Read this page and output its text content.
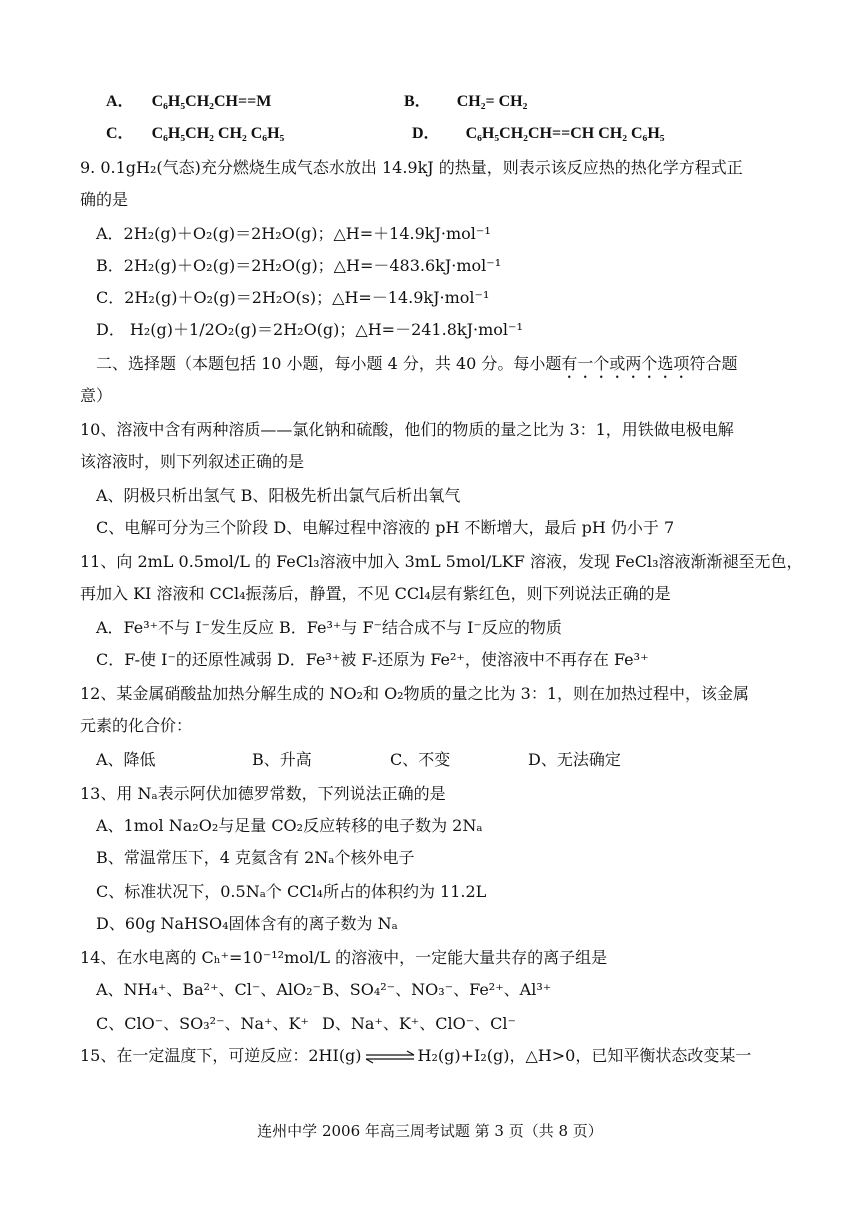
A． C₆H₅CH₂CH==M	B． CH₂= CH₂
C． C₆H₅CH₂ CH₂ C₆H₅	D． C₆H₅CH₂CH==CH CH₂ C₆H₅
9. 0.1gH₂(气态)充分燃烧生成气态水放出 14.9kJ 的热量，则表示该反应热的热化学方程式正
确的是
A．2H₂(g)＋O₂(g)＝2H₂O(g)；△H=＋14.9kJ·mol⁻¹
B．2H₂(g)＋O₂(g)＝2H₂O(g)；△H=－483.6kJ·mol⁻¹
C．2H₂(g)＋O₂(g)＝2H₂O(s)；△H=－14.9kJ·mol⁻¹
D． H₂(g)＋1/2O₂(g)＝2H₂O(g)；△H=－241.8kJ·mol⁻¹
二、选择题（本题包括 10 小题，每小题 4 分，共 40 分。每小题有一个或两个选项符合题
意）
10、溶液中含有两种溶质——氯化钠和硫酸，他们的物质的量之比为 3：1，用铁做电极电解
该溶液时，则下列叙述正确的是
A、阴极只析出氢气 B、阳极先析出氯气后析出氧气
C、电解可分为三个阶段 D、电解过程中溶液的 pH 不断增大，最后 pH 仍小于 7
11、向 2mL 0.5mol/L 的 FeCl₃溶液中加入 3mL 5mol/LKF 溶液，发现 FeCl₃溶液渐渐褪至无色，
再加入 KI 溶液和 CCl₄振荡后，静置，不见 CCl₄层有紫红色，则下列说法正确的是
A．Fe³⁺不与 I⁻发生反应 B．Fe³⁺与 F⁻结合成不与 I⁻反应的物质
C．F-使 I⁻的还原性减弱 D．Fe³⁺被 F-还原为 Fe²⁺，使溶液中不再存在 Fe³⁺
12、某金属硝酸盐加热分解生成的 NO₂和 O₂物质的量之比为 3：1，则在加热过程中，该金属
元素的化合价：
A、降低	B、升高	C、不变	D、无法确定
13、用 Nₐ表示阿伏加德罗常数，下列说法正确的是
A、1mol Na₂O₂与足量 CO₂反应转移的电子数为 2Nₐ
B、常温常压下，4 克氦含有 2Nₐ个核外电子
C、标准状况下，0.5Nₐ个 CCl₄所占的体积约为 11.2L
D、60g NaHSO₄固体含有的离子数为 Nₐ
14、在水电离的 Cₕ⁺=10⁻¹²mol/L 的溶液中，一定能大量共存的离子组是
A、NH₄⁺、Ba²⁺、Cl⁻、AlO₂⁻ B、SO₄²⁻、NO₃⁻、Fe²⁺、Al³⁺
C、ClO⁻、SO₃²⁻、Na⁺、K⁺ D、Na⁺、K⁺、ClO⁻、Cl⁻
15、在一定温度下，可逆反应：2HI(g) ⇌ H₂(g)+I₂(g)，△H>0，已知平衡状态改变某一
连州中学 2006 年高三周考试题 第 3 页（共 8 页）
